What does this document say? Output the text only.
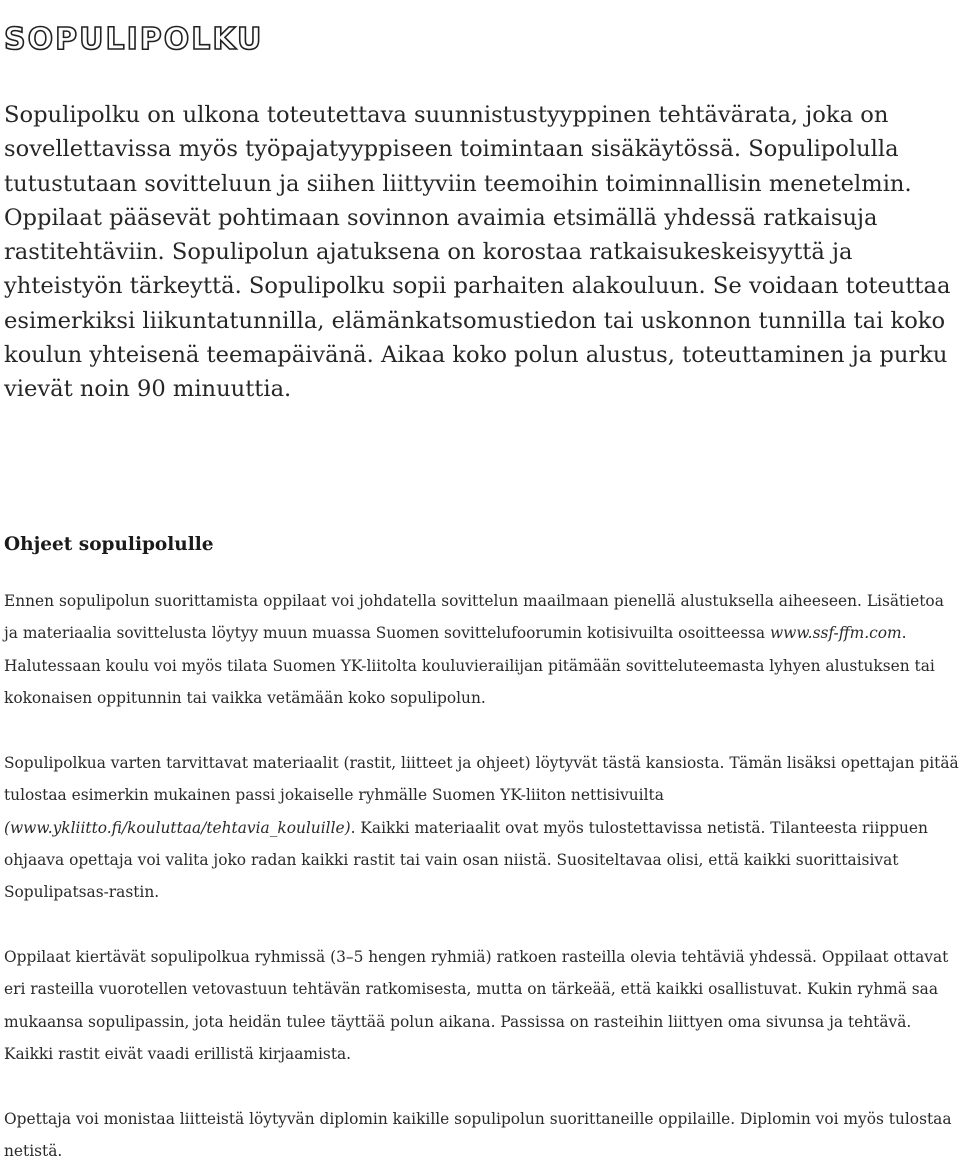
SOPULIPOLKU

Sopulipolku on ulkona toteutettava suunnistustyyppinen tehtävärata, joka on sovellettavissa myös työpajatyyppiseen toimintaan sisäkäytössä. Sopulipolulla tutustutaan sovitteluun ja siihen liittyviin teemoihin toiminnallisin menetelmin. Oppilaat pääsevät pohtimaan sovinnon avaimia etsimällä yhdessä ratkaisuja rastitehtäviin. Sopulipolun ajatuksena on korostaa ratkaisukeskeisyyttä ja yhteistyön tärkeyttä. Sopulipolku sopii parhaiten alakouluun. Se voidaan toteuttaa esimerkiksi liikuntatunnilla, elämänkatsomustiedon tai uskonnon tunnilla tai koko koulun yhteisenä teemapäivänä. Aikaa koko polun alustus, toteuttaminen ja purku vievät noin 90 minuuttia.

Ohjeet sopulipolulle

Ennen sopulipolun suorittamista oppilaat voi johdatella sovittelun maailmaan pienellä alustuksella aiheeseen. Lisätietoa ja materiaalia sovittelusta löytyy muun muassa Suomen sovittelufoorumin kotisivuilta osoitteessa www.ssf-ffm.com. Halutessaan koulu voi myös tilata Suomen YK-liitolta kouluvierailijan pitämään sovitteluteemasta lyhyen alustuksen tai kokonaisen oppitunnin tai vaikka vetämään koko sopulipolun.

Sopulipolkua varten tarvittavat materiaalit (rastit, liitteet ja ohjeet) löytyvät tästä kansiosta. Tämän lisäksi opettajan pitää tulostaa esimerkin mukainen passi jokaiselle ryhmälle Suomen YK-liiton nettisivuilta (www.ykliitto.fi/kouluttaa/tehtavia_kouluille). Kaikki materiaalit ovat myös tulostettavissa netistä. Tilanteesta riippuen ohjaava opettaja voi valita joko radan kaikki rastit tai vain osan niistä. Suositeltavaa olisi, että kaikki suorittaisivat Sopulipatsas-rastin.

Oppilaat kiertävät sopulipolkua ryhmissä (3–5 hengen ryhmiä) ratkoen rasteilla olevia tehtäviä yhdessä. Oppilaat ottavat eri rasteilla vuorotellen vetovastuun tehtävän ratkomisesta, mutta on tärkeää, että kaikki osallistuvat. Kukin ryhmä saa mukaansa sopulipassin, jota heidän tulee täyttää polun aikana. Passissa on rasteihin liittyen oma sivunsa ja tehtävä. Kaikki rastit eivät vaadi erillistä kirjaamista.

Opettaja voi monistaa liitteistä löytyvän diplomin kaikille sopulipolun suorittaneille oppilaille. Diplomin voi myös tulostaa netistä.
